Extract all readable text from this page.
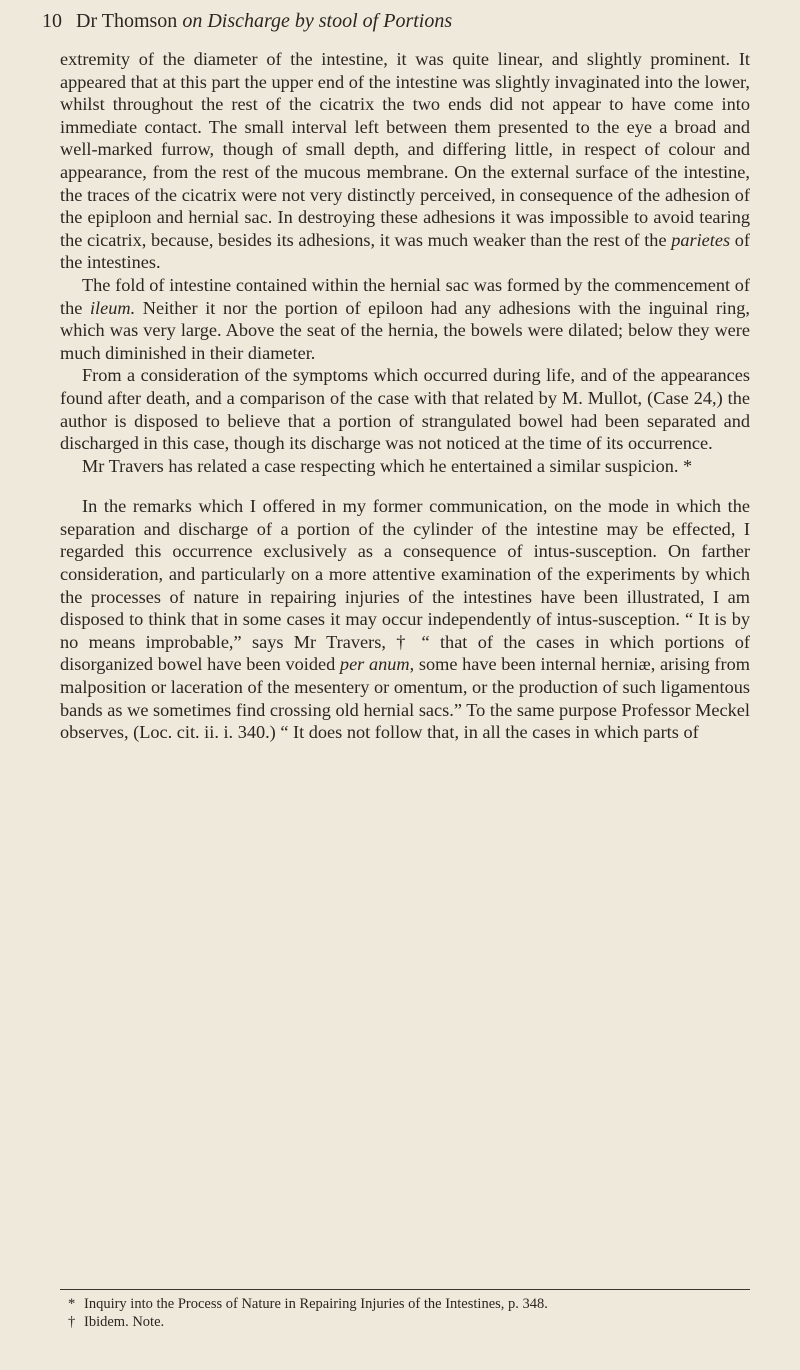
10 Dr Thomson on Discharge by stool of Portions

extremity of the diameter of the intestine, it was quite linear, and slightly prominent. It appeared that at this part the upper end of the intestine was slightly invaginated into the lower, whilst throughout the rest of the cicatrix the two ends did not appear to have come into immediate contact. The small interval left between them presented to the eye a broad and well-marked furrow, though of small depth, and differing little, in respect of colour and appearance, from the rest of the mucous membrane. On the external surface of the intestine, the traces of the cicatrix were not very distinctly perceived, in consequence of the adhesion of the epiploon and hernial sac. In destroying these adhesions it was impossible to avoid tearing the cicatrix, because, besides its adhesions, it was much weaker than the rest of the parietes of the intestines.

The fold of intestine contained within the hernial sac was formed by the commencement of the ileum. Neither it nor the portion of epiloon had any adhesions with the inguinal ring, which was very large. Above the seat of the hernia, the bowels were dilated; below they were much diminished in their diameter.

From a consideration of the symptoms which occurred during life, and of the appearances found after death, and a comparison of the case with that related by M. Mullot, (Case 24,) the author is disposed to believe that a portion of strangulated bowel had been separated and discharged in this case, though its discharge was not noticed at the time of its occurrence.

Mr Travers has related a case respecting which he entertained a similar suspicion. *

In the remarks which I offered in my former communication, on the mode in which the separation and discharge of a portion of the cylinder of the intestine may be effected, I regarded this occurrence exclusively as a consequence of intus-susception. On farther consideration, and particularly on a more attentive examination of the experiments by which the processes of nature in repairing injuries of the intestines have been illustrated, I am disposed to think that in some cases it may occur independently of intus-susception. “ It is by no means improbable,” says Mr Travers, † “ that of the cases in which portions of disorganized bowel have been voided per anum, some have been internal herniæ, arising from malposition or laceration of the mesentery or omentum, or the production of such ligamentous bands as we sometimes find crossing old hernial sacs.” To the same purpose Professor Meckel observes, (Loc. cit. ii. i. 340.) “ It does not follow that, in all the cases in which parts of

* Inquiry into the Process of Nature in Repairing Injuries of the Intestines, p. 348.
† Ibidem. Note.
